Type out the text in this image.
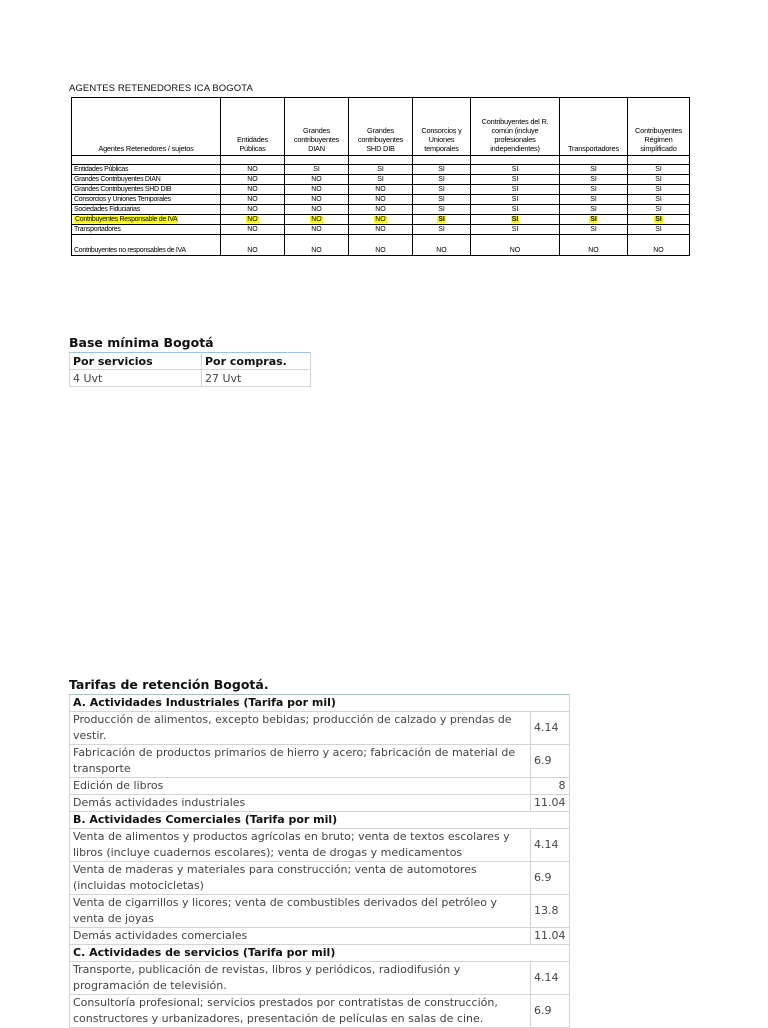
AGENTES RETENEDORES ICA BOGOTA
Agentes Retenedores / sujetos	Entidades Públicas	Grandes contribuyentes DIAN	Grandes contribuyentes SHD DIB	Consorcios y Uniones temporales	Contribuyentes del R. común (incluye profesionales independientes)	Transportadores	Contribuyentes Régimen simplificado

Entidades Públicas	NO	SI	SI	SI	SI	SI	SI
Grandes Contribuyentes DIAN	NO	NO	SI	SI	SI	SI	SI
Grandes Contribuyentes SHD DIB	NO	NO	NO	SI	SI	SI	SI
Consorcios y Uniones Temporales	NO	NO	NO	SI	SI	SI	SI
Sociedades Fiduciarias	NO	NO	NO	SI	SI	SI	SI
Contribuyentes Responsable de IVA	NO	NO	NO	SI	SI	SI	SI
Transportadores	NO	NO	NO	SI	SI	SI	SI
Contribuyentes no responsables de IVA	NO	NO	NO	NO	NO	NO	NO
Base mínima Bogotá
Por servicios	Por compras.
4 Uvt	27 Uvt
Tarifas de retención Bogotá.
A. Actividades Industriales (Tarifa por mil)	
Producción de alimentos, excepto bebidas; producción de calzado y prendas de vestir.	4.14
Fabricación de productos primarios de hierro y acero; fabricación de material de transporte	6.9
Edición de libros	8
Demás actividades industriales	11.04
B. Actividades Comerciales (Tarifa por mil)	
Venta de alimentos y productos agrícolas en bruto; venta de textos escolares y libros (incluye cuadernos escolares); venta de drogas y medicamentos	4.14
Venta de maderas y materiales para construcción; venta de automotores (incluidas motocicletas)	6.9
Venta de cigarrillos y licores; venta de combustibles derivados del petróleo y venta de joyas	13.8
Demás actividades comerciales	11.04
C. Actividades de servicios (Tarifa por mil)	
Transporte, publicación de revistas, libros y periódicos, radiodifusión y programación de televisión.	4.14
Consultoría profesional; servicios prestados por contratistas de construcción, constructores y urbanizadores, presentación de películas en salas de cine.	6.9
